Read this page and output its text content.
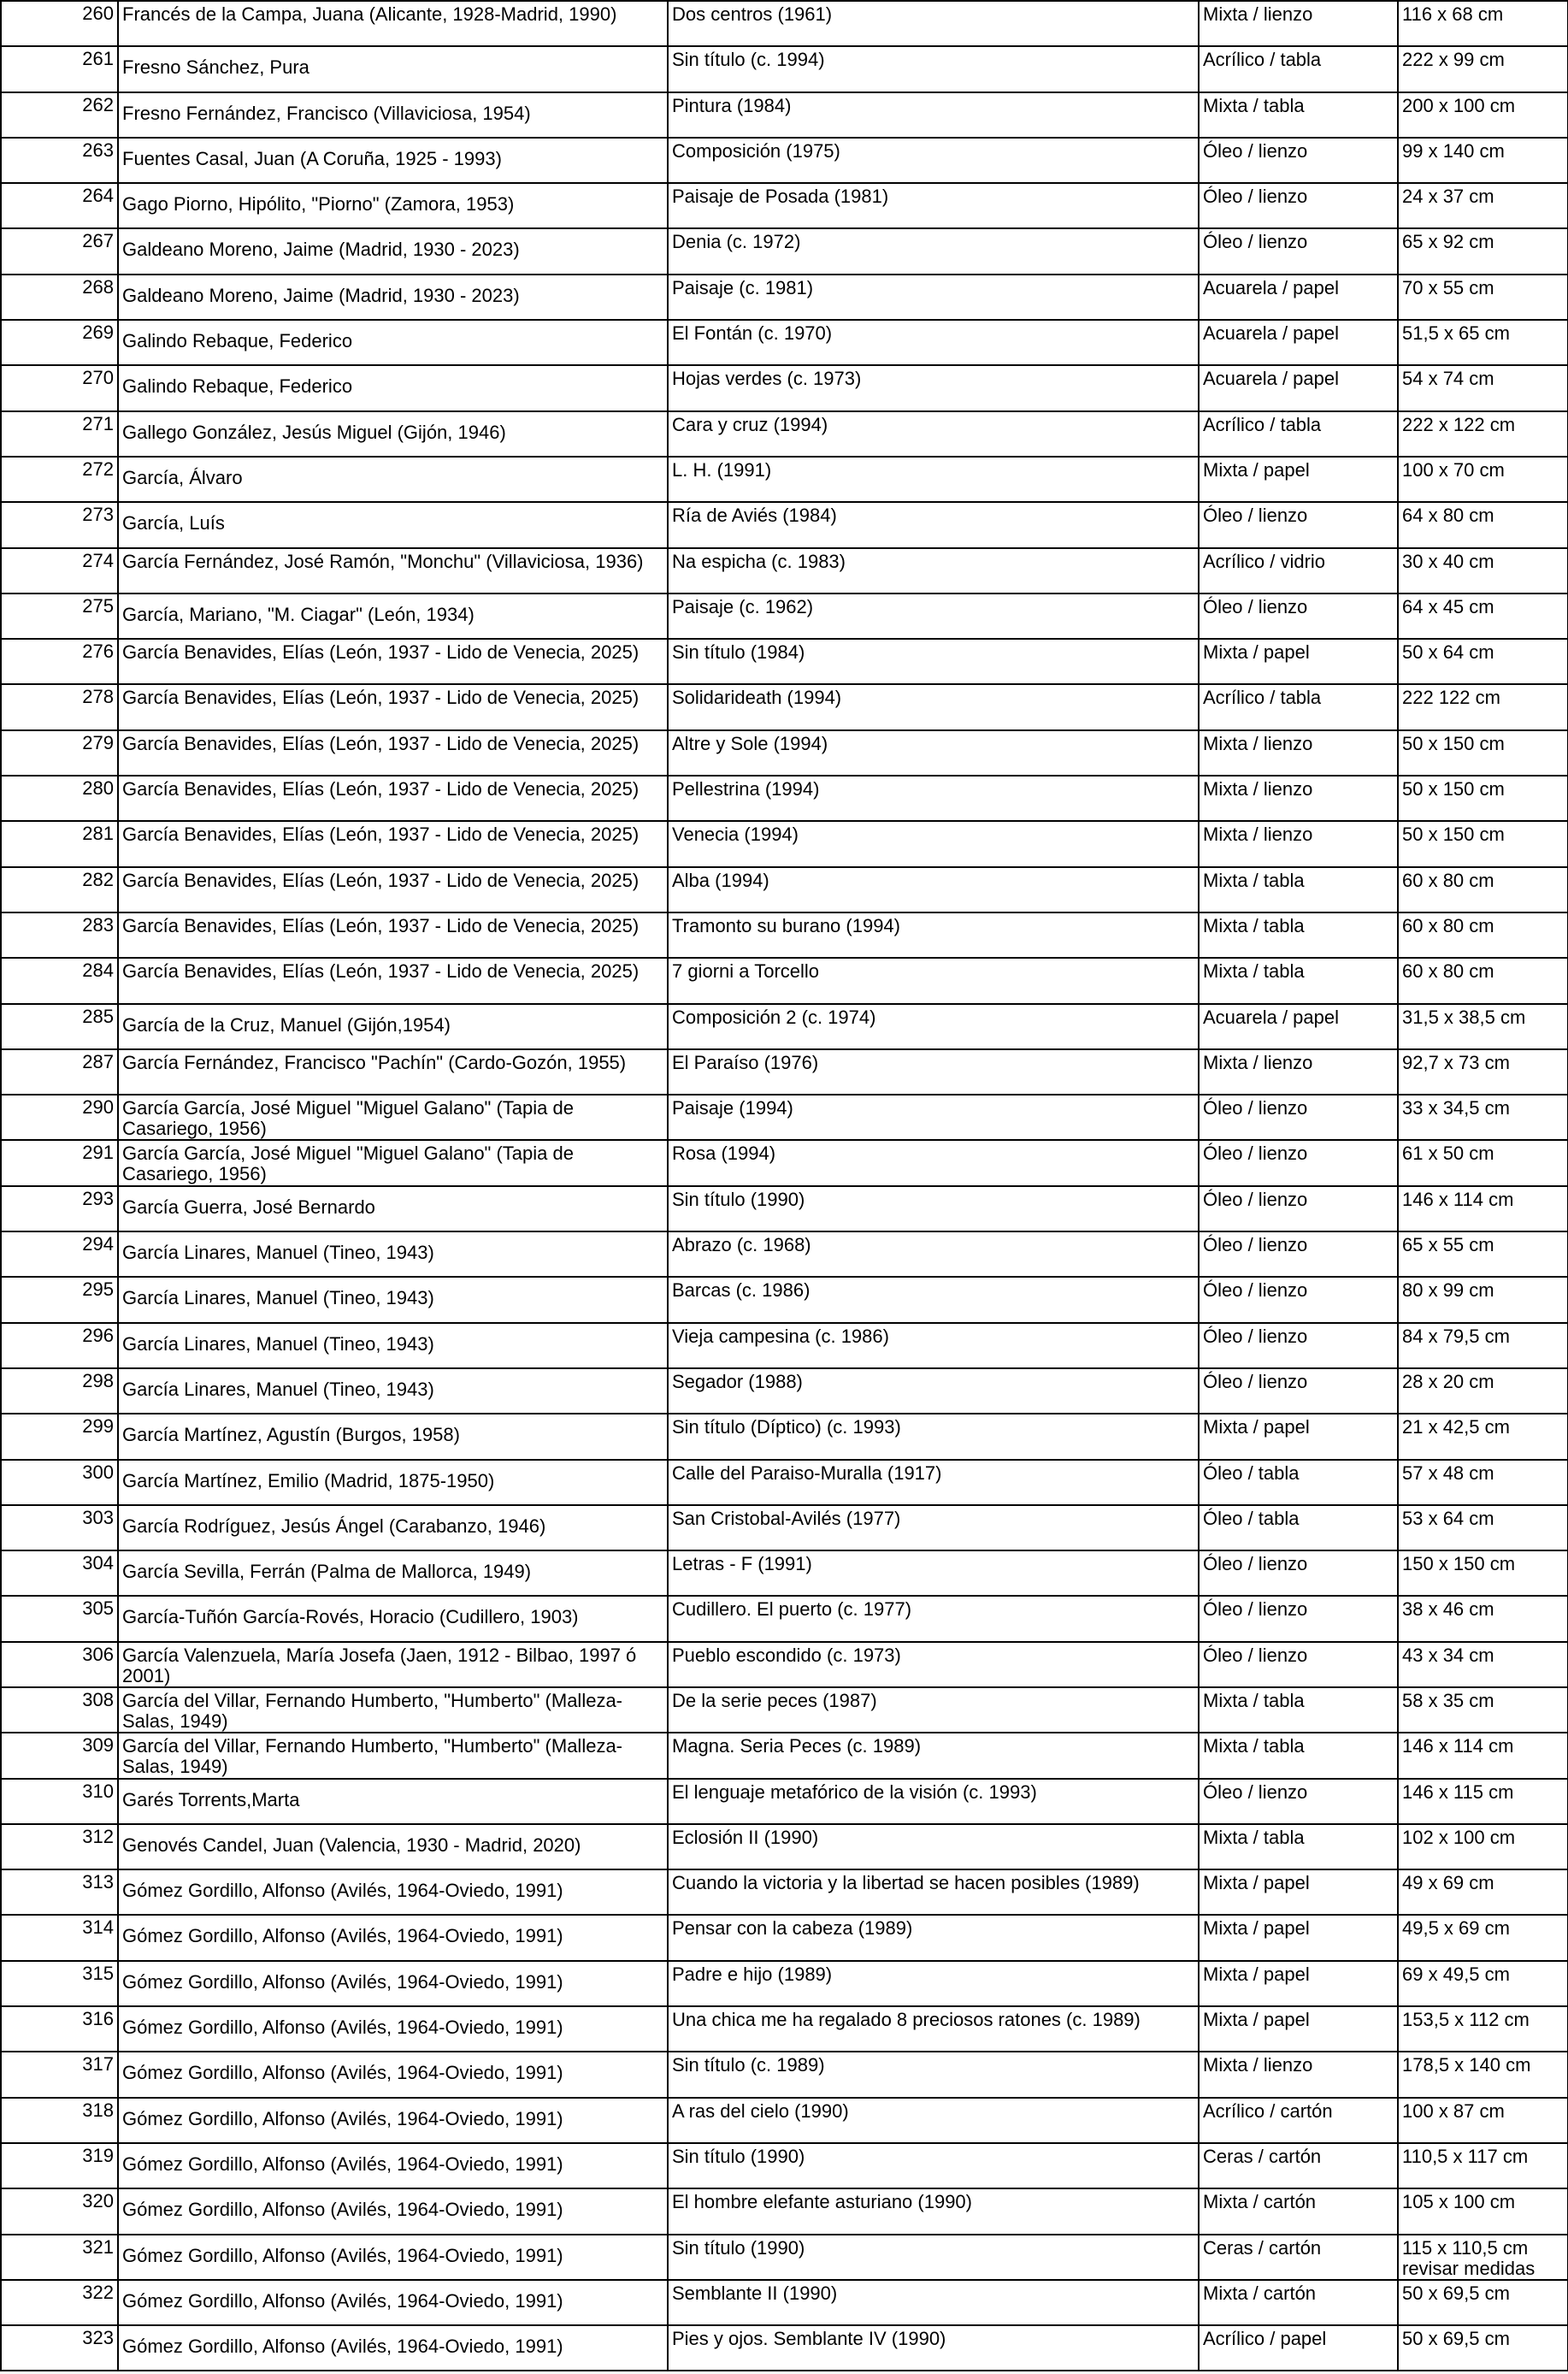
260	Francés de la Campa, Juana (Alicante, 1928-Madrid, 1990)	Dos centros (1961)	Mixta / lienzo	116 x 68 cm
261	Fresno Sánchez, Pura	Sin título (c. 1994)	Acrílico / tabla	222 x 99 cm
262	Fresno Fernández, Francisco (Villaviciosa, 1954)	Pintura (1984)	Mixta / tabla	200 x 100 cm
263	Fuentes Casal, Juan (A Coruña, 1925 - 1993)	Composición (1975)	Óleo / lienzo	99 x 140 cm
264	Gago Piorno, Hipólito, "Piorno" (Zamora, 1953)	Paisaje de Posada (1981)	Óleo / lienzo	24 x 37 cm
267	Galdeano Moreno, Jaime (Madrid, 1930 - 2023)	Denia (c. 1972)	Óleo / lienzo	65 x 92 cm
268	Galdeano Moreno, Jaime (Madrid, 1930 - 2023)	Paisaje (c. 1981)	Acuarela / papel	70 x 55 cm
269	Galindo Rebaque, Federico	El Fontán (c. 1970)	Acuarela / papel	51,5 x 65 cm
270	Galindo Rebaque, Federico	Hojas verdes (c. 1973)	Acuarela / papel	54 x 74 cm
271	Gallego González, Jesús Miguel (Gijón, 1946)	Cara y cruz (1994)	Acrílico / tabla	222 x 122 cm
272	García, Álvaro	L. H. (1991)	Mixta / papel	100 x 70 cm
273	García, Luís	Ría de Aviés (1984)	Óleo / lienzo	64 x 80 cm
274	García Fernández, José Ramón, "Monchu" (Villaviciosa, 1936)	Na espicha (c. 1983)	Acrílico / vidrio	30 x 40 cm
275	García, Mariano, "M. Ciagar" (León, 1934)	Paisaje (c. 1962)	Óleo / lienzo	64 x 45 cm
276	García Benavides, Elías (León, 1937 - Lido de Venecia, 2025)	Sin título (1984)	Mixta / papel	50 x 64 cm
278	García Benavides, Elías (León, 1937 - Lido de Venecia, 2025)	Solidarideath (1994)	Acrílico / tabla	222 122 cm
279	García Benavides, Elías (León, 1937 - Lido de Venecia, 2025)	Altre y Sole (1994)	Mixta / lienzo	50 x 150 cm
280	García Benavides, Elías (León, 1937 - Lido de Venecia, 2025)	Pellestrina (1994)	Mixta / lienzo	50 x 150 cm
281	García Benavides, Elías (León, 1937 - Lido de Venecia, 2025)	Venecia (1994)	Mixta / lienzo	50 x 150 cm
282	García Benavides, Elías (León, 1937 - Lido de Venecia, 2025)	Alba (1994)	Mixta / tabla	60 x 80 cm
283	García Benavides, Elías (León, 1937 - Lido de Venecia, 2025)	Tramonto su burano (1994)	Mixta / tabla	60 x 80 cm
284	García Benavides, Elías (León, 1937 - Lido de Venecia, 2025)	7 giorni a Torcello	Mixta / tabla	60 x 80 cm
285	García de la Cruz, Manuel (Gijón,1954)	Composición 2 (c. 1974)	Acuarela / papel	31,5 x 38,5 cm
287	García Fernández, Francisco "Pachín" (Cardo-Gozón, 1955)	El Paraíso (1976)	Mixta / lienzo	92,7 x 73 cm
290	García García, José Miguel "Miguel Galano" (Tapia de Casariego, 1956)	Paisaje (1994)	Óleo / lienzo	33 x 34,5 cm
291	García García, José Miguel "Miguel Galano" (Tapia de Casariego, 1956)	Rosa (1994)	Óleo / lienzo	61 x 50 cm
293	García Guerra, José Bernardo	Sin título (1990)	Óleo / lienzo	146 x 114 cm
294	García Linares, Manuel (Tineo, 1943)	Abrazo (c. 1968)	Óleo / lienzo	65 x 55 cm
295	García Linares, Manuel (Tineo, 1943)	Barcas (c. 1986)	Óleo / lienzo	80 x 99 cm
296	García Linares, Manuel (Tineo, 1943)	Vieja campesina (c. 1986)	Óleo / lienzo	84 x 79,5 cm
298	García Linares, Manuel (Tineo, 1943)	Segador (1988)	Óleo / lienzo	28 x 20 cm
299	García Martínez, Agustín (Burgos, 1958)	Sin título (Díptico) (c. 1993)	Mixta / papel	21 x 42,5 cm
300	García Martínez, Emilio (Madrid, 1875-1950)	Calle del Paraiso-Muralla (1917)	Óleo / tabla	57 x 48 cm
303	García Rodríguez, Jesús Ángel (Carabanzo, 1946)	San Cristobal-Avilés (1977)	Óleo / tabla	53 x 64 cm
304	García Sevilla, Ferrán (Palma de Mallorca, 1949)	Letras - F (1991)	Óleo / lienzo	150 x 150 cm
305	García-Tuñón García-Rovés, Horacio (Cudillero, 1903)	Cudillero. El puerto (c. 1977)	Óleo / lienzo	38 x 46 cm
306	García Valenzuela, María Josefa (Jaen, 1912 - Bilbao, 1997 ó 2001)	Pueblo escondido (c. 1973)	Óleo / lienzo	43 x 34 cm
308	García del Villar, Fernando Humberto, "Humberto" (Malleza-Salas, 1949)	De la serie peces (1987)	Mixta / tabla	58 x 35 cm
309	García del Villar, Fernando Humberto, "Humberto" (Malleza-Salas, 1949)	Magna. Seria Peces (c. 1989)	Mixta / tabla	146 x 114 cm
310	Garés Torrents,Marta	El lenguaje metafórico de la visión (c. 1993)	Óleo / lienzo	146 x 115 cm
312	Genovés Candel, Juan (Valencia, 1930 - Madrid, 2020)	Eclosión II (1990)	Mixta / tabla	102 x 100 cm
313	Gómez Gordillo, Alfonso (Avilés, 1964-Oviedo, 1991)	Cuando la victoria y la libertad se hacen posibles (1989)	Mixta / papel	49 x 69 cm
314	Gómez Gordillo, Alfonso (Avilés, 1964-Oviedo, 1991)	Pensar con la cabeza (1989)	Mixta / papel	49,5 x 69 cm
315	Gómez Gordillo, Alfonso (Avilés, 1964-Oviedo, 1991)	Padre e hijo (1989)	Mixta / papel	69 x 49,5 cm
316	Gómez Gordillo, Alfonso (Avilés, 1964-Oviedo, 1991)	Una chica me ha regalado 8 preciosos ratones (c. 1989)	Mixta / papel	153,5 x 112 cm
317	Gómez Gordillo, Alfonso (Avilés, 1964-Oviedo, 1991)	Sin título (c. 1989)	Mixta / lienzo	178,5 x 140 cm
318	Gómez Gordillo, Alfonso (Avilés, 1964-Oviedo, 1991)	A ras del cielo (1990)	Acrílico / cartón	100 x 87 cm
319	Gómez Gordillo, Alfonso (Avilés, 1964-Oviedo, 1991)	Sin título (1990)	Ceras / cartón	110,5 x 117 cm
320	Gómez Gordillo, Alfonso (Avilés, 1964-Oviedo, 1991)	El hombre elefante asturiano (1990)	Mixta / cartón	105 x 100 cm
321	Gómez Gordillo, Alfonso (Avilés, 1964-Oviedo, 1991)	Sin título (1990)	Ceras / cartón	115 x 110,5 cm revisar medidas
322	Gómez Gordillo, Alfonso (Avilés, 1964-Oviedo, 1991)	Semblante II (1990)	Mixta / cartón	50 x 69,5 cm
323	Gómez Gordillo, Alfonso (Avilés, 1964-Oviedo, 1991)	Pies y ojos. Semblante IV (1990)	Acrílico / papel	50 x 69,5 cm
